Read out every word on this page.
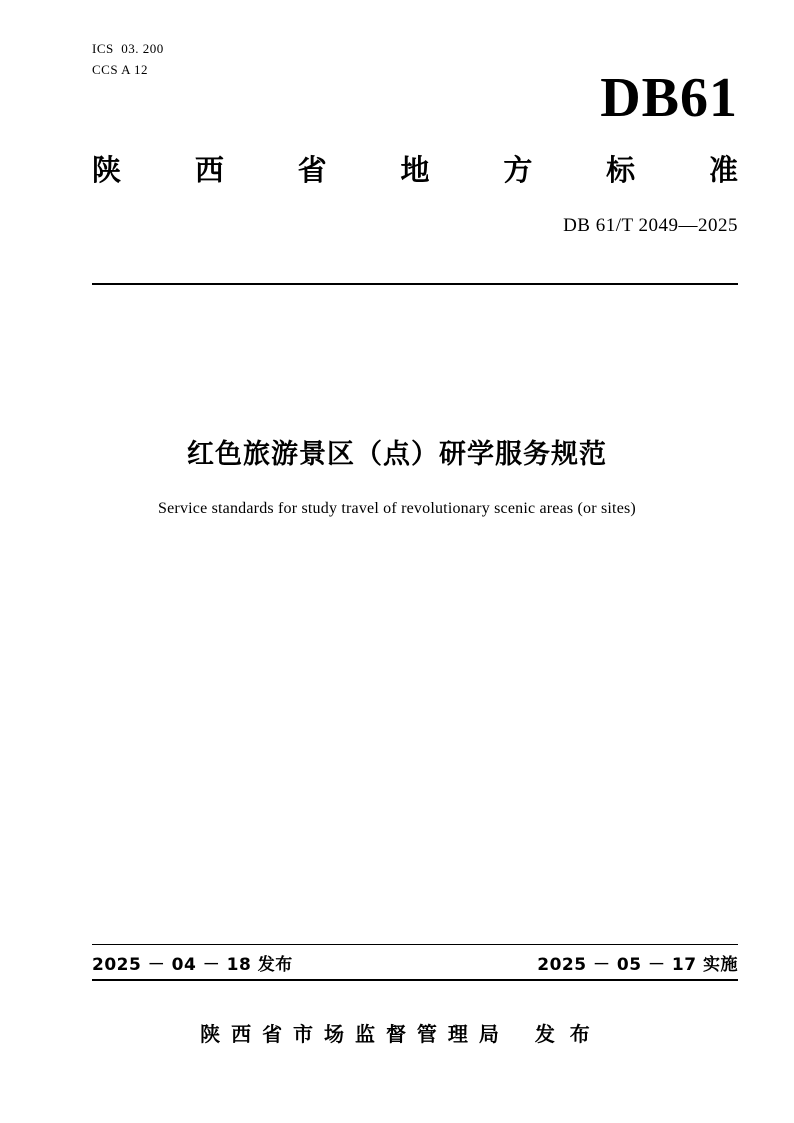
ICS  03. 200
CCS A 12	DB61
陕	西	省	地	方	标	准
DB 61/T 2049—2025
红色旅游景区（点）研学服务规范
Service standards for study travel of revolutionary scenic areas (or sites)
2025 － 04 － 18 发布	2025 － 05 － 17 实施
陕 西 省 市 场 监 督 管 理 局 发 布
